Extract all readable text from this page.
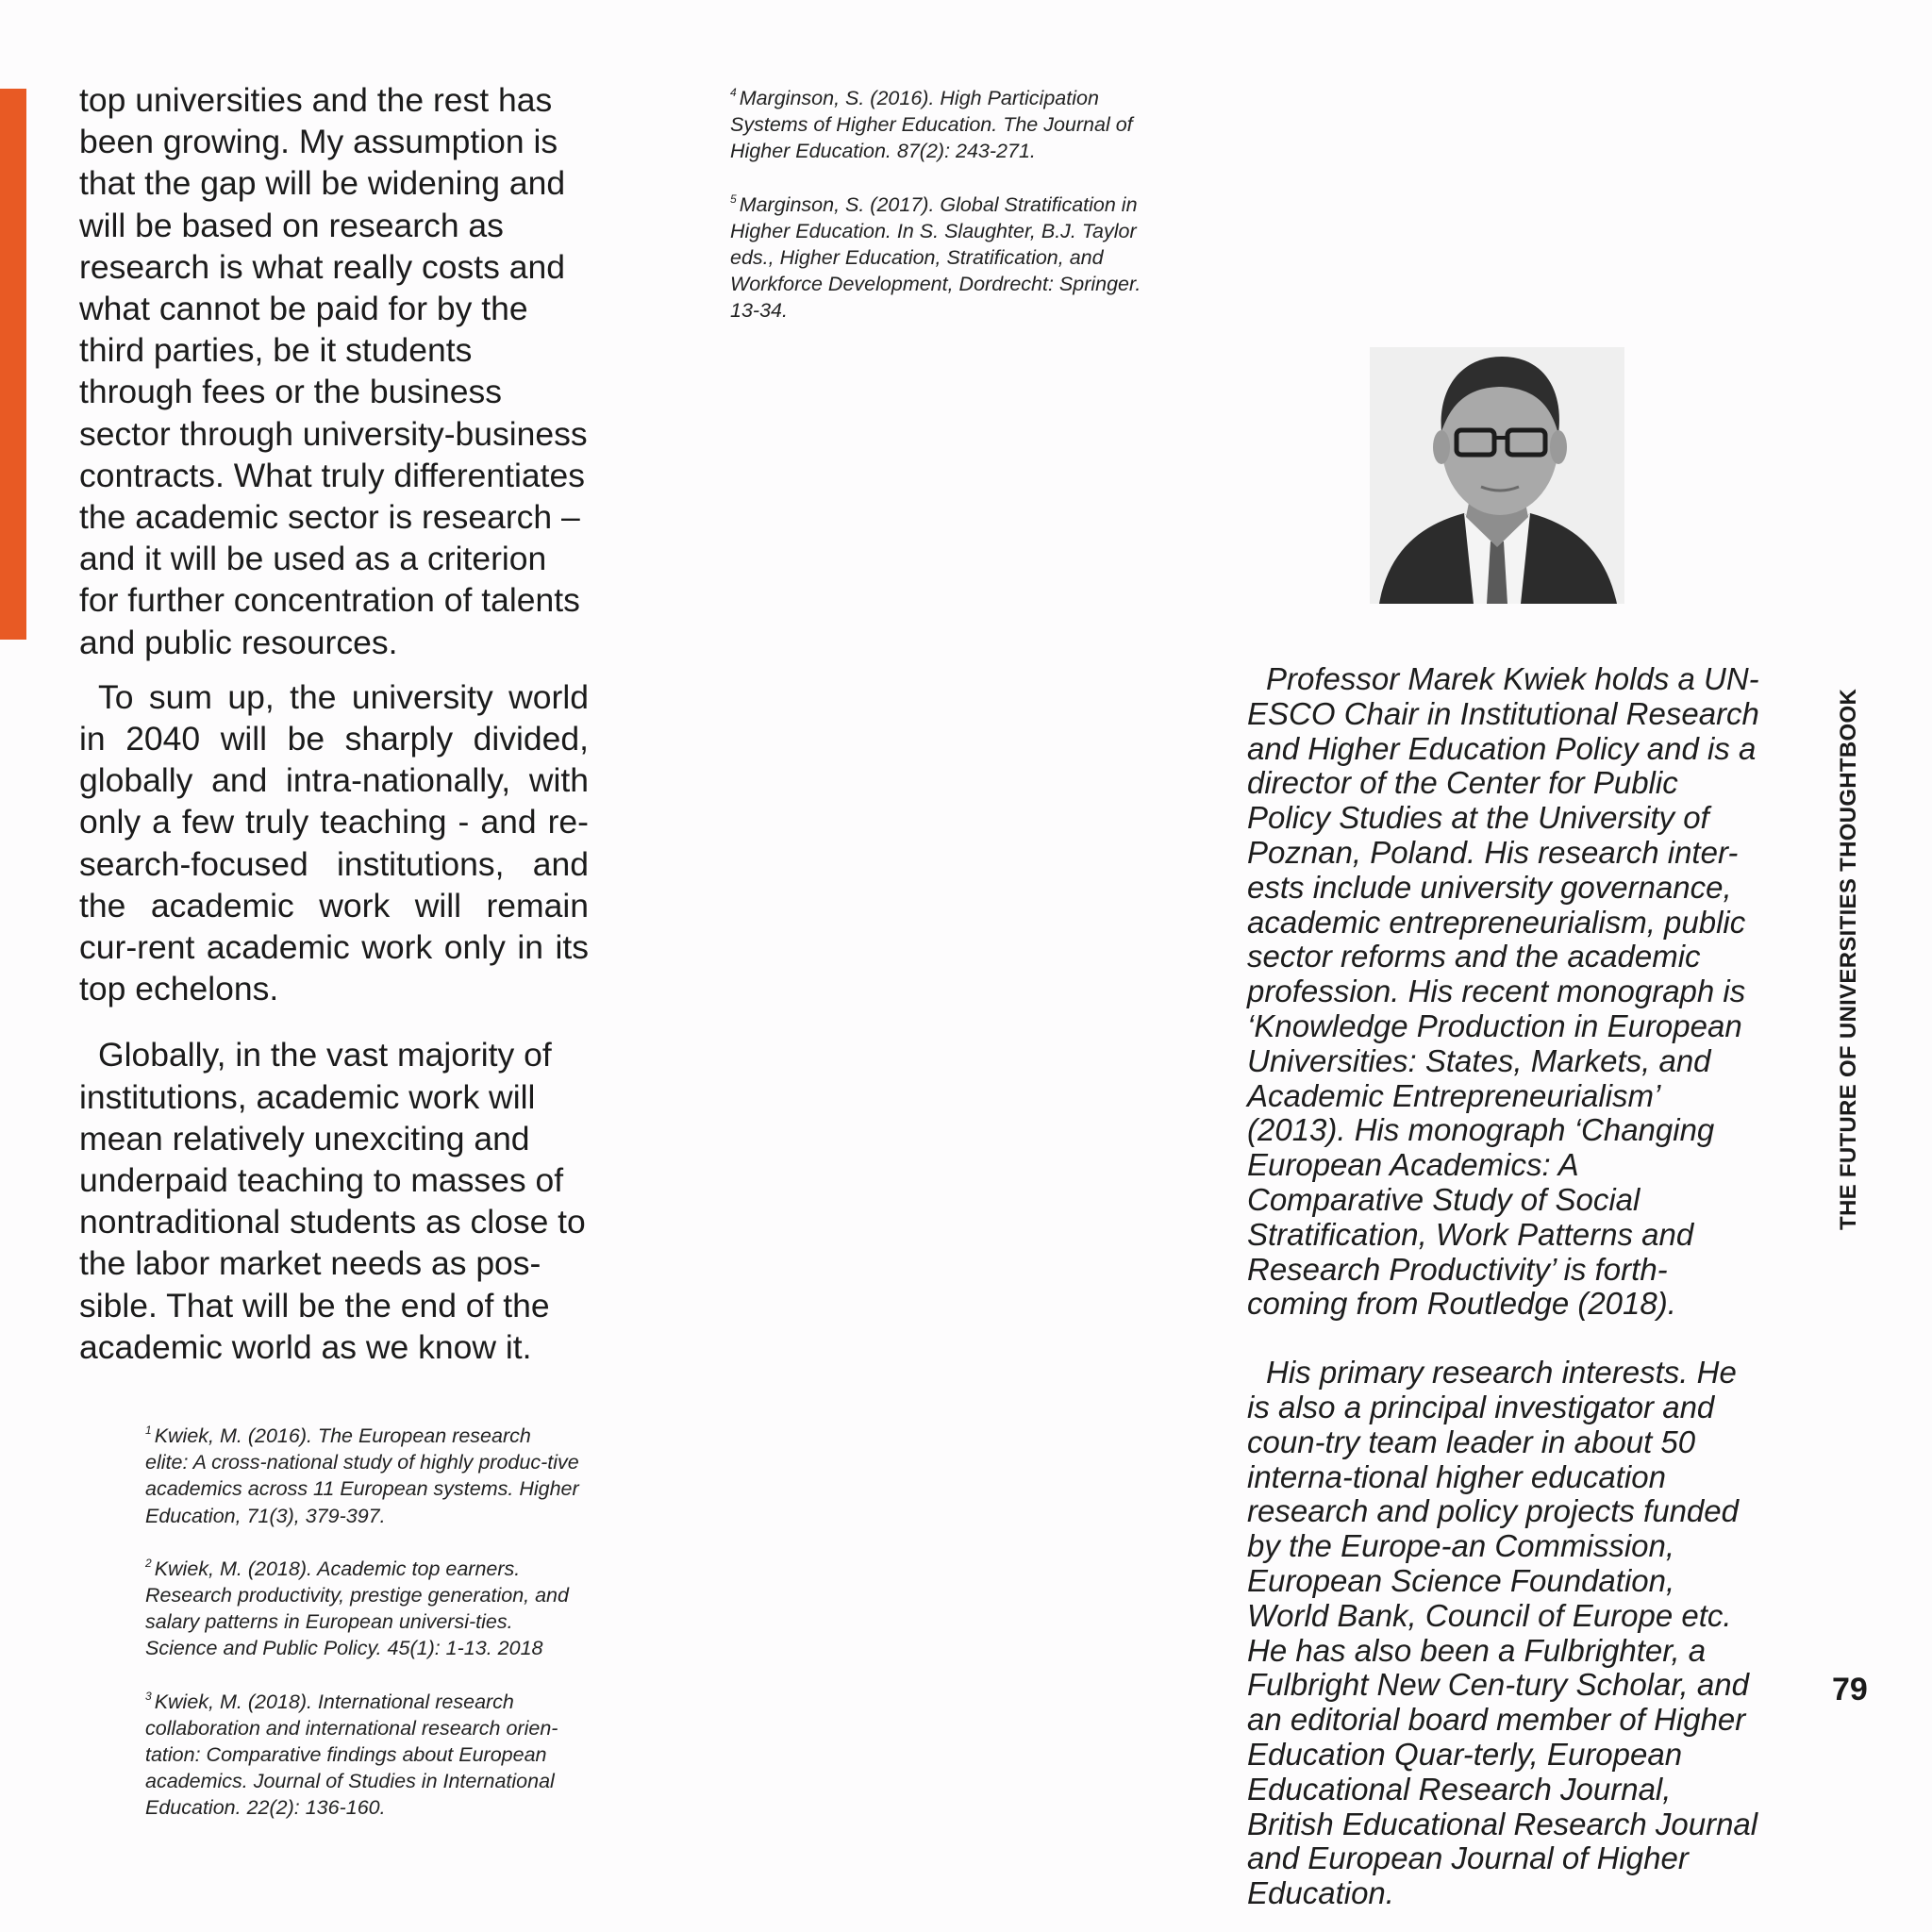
top universities and the rest has been growing. My assumption is that the gap will be widening and will be based on research as research is what really costs and what cannot be paid for by the third parties, be it students through fees or the business sector through university-business contracts. What truly differentiates the academic sector is research – and it will be used as a criterion for further concentration of talents and public resources.

To sum up, the university world in 2040 will be sharply divided, globally and intra-nationally, with only a few truly teaching - and re-search-focused institutions, and the academic work will remain cur-rent academic work only in its top echelons.

Globally, in the vast majority of institutions, academic work will mean relatively unexciting and underpaid teaching to masses of nontraditional students as close to the labor market needs as pos-sible. That will be the end of the academic world as we know it.

$^1$ Kwiek, M. (2016). The European research elite: A cross-national study of highly produc-tive academics across 11 European systems. Higher Education, 71(3), 379-397.

$^2$ Kwiek, M. (2018). Academic top earners. Research productivity, prestige generation, and salary patterns in European universi-ties. Science and Public Policy. 45(1): 1-13. 2018

$^3$ Kwiek, M. (2018). International research collaboration and international research orien-tation: Comparative findings about European academics. Journal of Studies in International Education. 22(2): 136-160.

$^4$ Marginson, S. (2016). High Participation Systems of Higher Education. The Journal of Higher Education. 87(2): 243-271.

$^5$ Marginson, S. (2017). Global Stratification in Higher Education. In S. Slaughter, B.J. Taylor eds., Higher Education, Stratification, and Workforce Development, Dordrecht: Springer. 13-34.

Professor Marek Kwiek holds a UN-ESCO Chair in Institutional Research and Higher Education Policy and is a director of the Center for Public Policy Studies at the University of Poznan, Poland. His research inter-ests include university governance, academic entrepreneurialism, public sector reforms and the academic profession. His recent monograph is ‘Knowledge Production in European Universities: States, Markets, and Academic Entrepreneurialism’ (2013). His monograph ‘Changing European Academics: A Comparative Study of Social Stratification, Work Patterns and Research Productivity’ is forth-coming from Routledge (2018).

His primary research interests. He is also a principal investigator and coun-try team leader in about 50 interna-tional higher education research and policy projects funded by the Europe-an Commission, European Science Foundation, World Bank, Council of Europe etc. He has also been a Fulbrighter, a Fulbright New Cen-tury Scholar, and an editorial board member of Higher Education Quar-terly, European Educational Research Journal, British Educational Research Journal and European Journal of Higher Education.

THE FUTURE OF UNIVERSITIES THOUGHTBOOK
79
